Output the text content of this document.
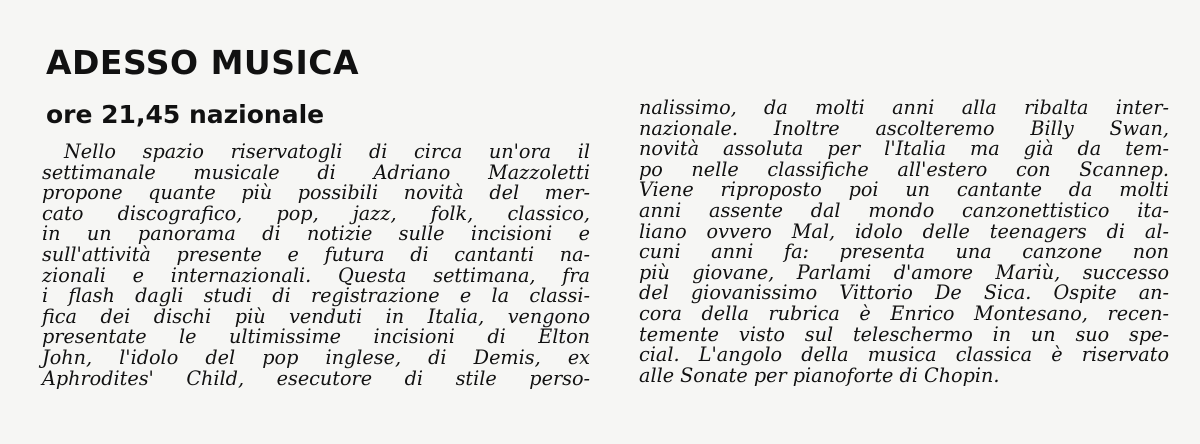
ADESSO MUSICA
ore 21,45 nazionale
Nello spazio riservatogli di circa un'ora il
settimanale musicale di Adriano Mazzoletti
propone quante più possibili novità del mer-
cato discografico, pop, jazz, folk, classico,
in un panorama di notizie sulle incisioni e
sull'attività presente e futura di cantanti na-
zionali e internazionali. Questa settimana, fra
i flash dagli studi di registrazione e la classi-
fica dei dischi più venduti in Italia, vengono
presentate le ultimissime incisioni di Elton
John, l'idolo del pop inglese, di Demis, ex
Aphrodites' Child, esecutore di stile perso-
nalissimo, da molti anni alla ribalta inter-
nazionale. Inoltre ascolteremo Billy Swan,
novità assoluta per l'Italia ma già da tem-
po nelle classifiche all'estero con Scannep.
Viene riproposto poi un cantante da molti
anni assente dal mondo canzonettistico ita-
liano ovvero Mal, idolo delle teenagers di al-
cuni anni fa: presenta una canzone non
più giovane, Parlami d'amore Mariù, successo
del giovanissimo Vittorio De Sica. Ospite an-
cora della rubrica è Enrico Montesano, recen-
temente visto sul teleschermo in un suo spe-
cial. L'angolo della musica classica è riservato
alle Sonate per pianoforte di Chopin.
